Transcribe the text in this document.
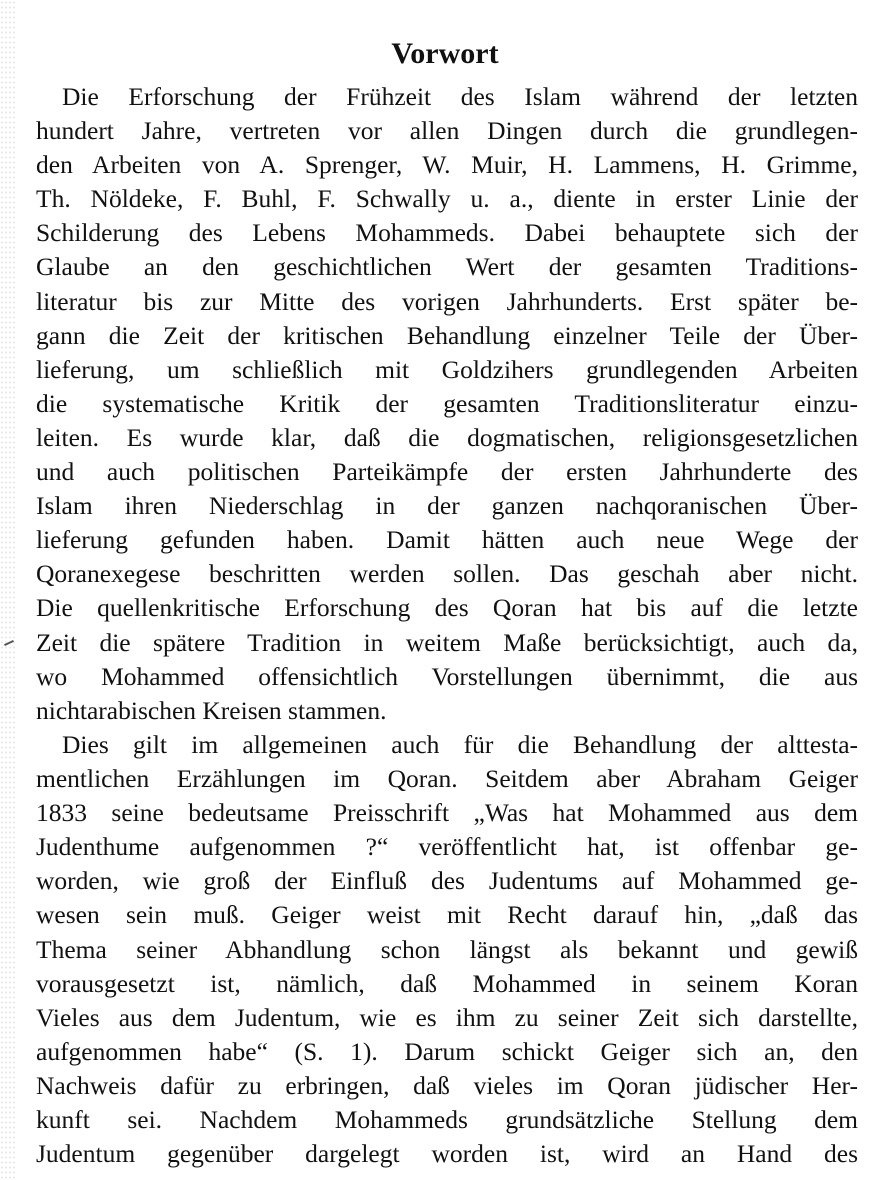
Vorwort

Die Erforschung der Frühzeit des Islam während der letzten
hundert Jahre, vertreten vor allen Dingen durch die grundlegen-
den Arbeiten von A. Sprenger, W. Muir, H. Lammens, H. Grimme,
Th. Nöldeke, F. Buhl, F. Schwally u. a., diente in erster Linie der
Schilderung des Lebens Mohammeds. Dabei behauptete sich der
Glaube an den geschichtlichen Wert der gesamten Traditions-
literatur bis zur Mitte des vorigen Jahrhunderts. Erst später be-
gann die Zeit der kritischen Behandlung einzelner Teile der Über-
lieferung, um schließlich mit Goldzihers grundlegenden Arbeiten
die systematische Kritik der gesamten Traditionsliteratur einzu-
leiten. Es wurde klar, daß die dogmatischen, religionsgesetzlichen
und auch politischen Parteikämpfe der ersten Jahrhunderte des
Islam ihren Niederschlag in der ganzen nachqoranischen Über-
lieferung gefunden haben. Damit hätten auch neue Wege der
Qoranexegese beschritten werden sollen. Das geschah aber nicht.
Die quellenkritische Erforschung des Qoran hat bis auf die letzte
Zeit die spätere Tradition in weitem Maße berücksichtigt, auch da,
wo Mohammed offensichtlich Vorstellungen übernimmt, die aus
nichtarabischen Kreisen stammen.

Dies gilt im allgemeinen auch für die Behandlung der alttesta-
mentlichen Erzählungen im Qoran. Seitdem aber Abraham Geiger
1833 seine bedeutsame Preisschrift „Was hat Mohammed aus dem
Judenthume aufgenommen ?“ veröffentlicht hat, ist offenbar ge-
worden, wie groß der Einfluß des Judentums auf Mohammed ge-
wesen sein muß. Geiger weist mit Recht darauf hin, „daß das
Thema seiner Abhandlung schon längst als bekannt und gewiß
vorausgesetzt ist, nämlich, daß Mohammed in seinem Koran
Vieles aus dem Judentum, wie es ihm zu seiner Zeit sich darstellte,
aufgenommen habe“ (S. 1). Darum schickt Geiger sich an, den
Nachweis dafür zu erbringen, daß vieles im Qoran jüdischer Her-
kunft sei. Nachdem Mohammeds grundsätzliche Stellung dem
Judentum gegenüber dargelegt worden ist, wird an Hand des
